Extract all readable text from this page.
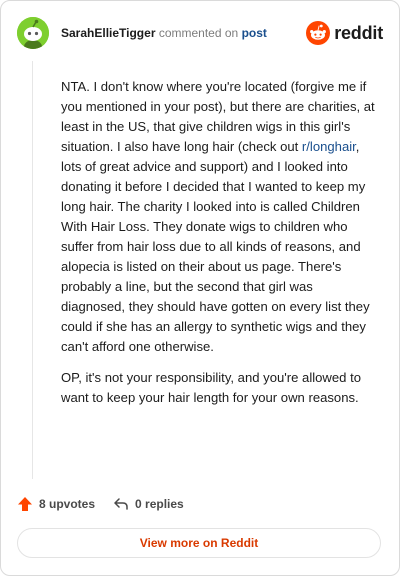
SarahEllieTigger commented on post	reddit

NTA. I don't know where you're located (forgive me if you mentioned in your post), but there are charities, at least in the US, that give children wigs in this girl's situation. I also have long hair (check out r/longhair, lots of great advice and support) and I looked into donating it before I decided that I wanted to keep my long hair. The charity I looked into is called Children With Hair Loss. They donate wigs to children who suffer from hair loss due to all kinds of reasons, and alopecia is listed on their about us page. There's probably a line, but the second that girl was diagnosed, they should have gotten on every list they could if she has an allergy to synthetic wigs and they can't afford one otherwise.

OP, it's not your responsibility, and you're allowed to want to keep your hair length for your own reasons.

8 upvotes	0 replies
View more on Reddit
